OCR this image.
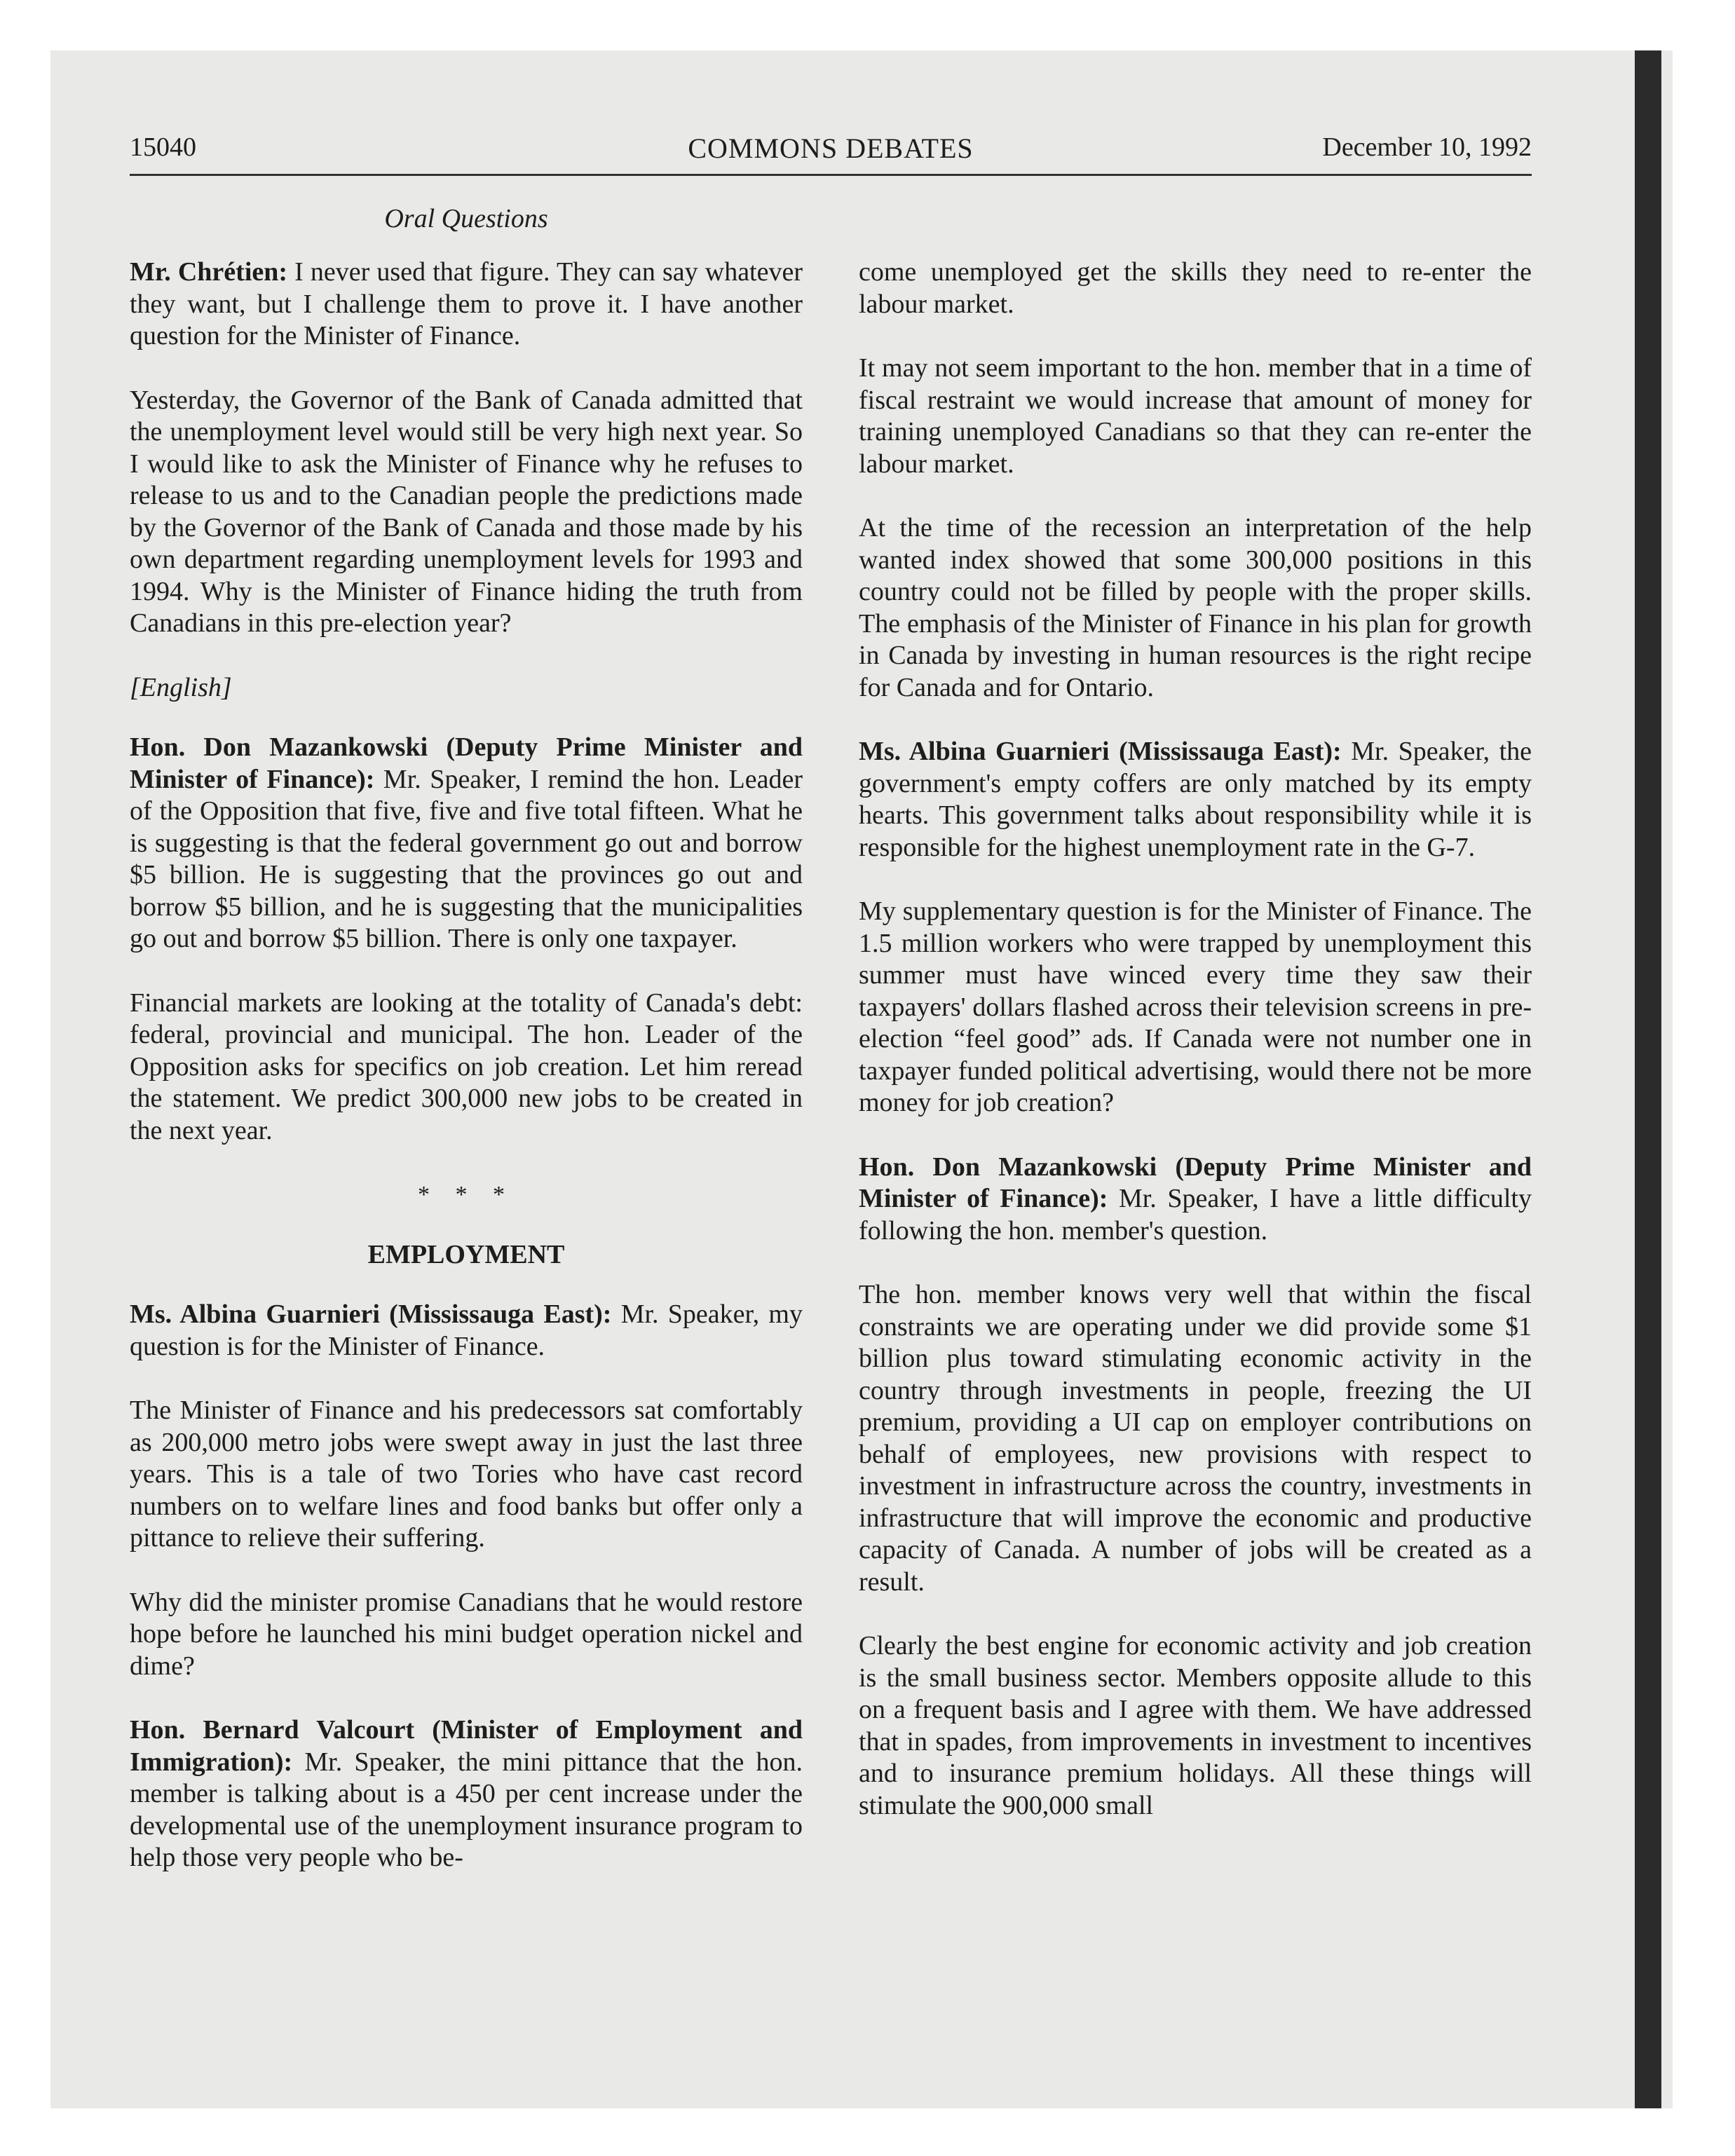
15040	COMMONS DEBATES	December 10, 1992
Oral Questions

Mr. Chrétien: I never used that figure. They can say whatever they want, but I challenge them to prove it. I have another question for the Minister of Finance.

Yesterday, the Governor of the Bank of Canada admitted that the unemployment level would still be very high next year. So I would like to ask the Minister of Finance why he refuses to release to us and to the Canadian people the predictions made by the Governor of the Bank of Canada and those made by his own department regarding unemployment levels for 1993 and 1994. Why is the Minister of Finance hiding the truth from Canadians in this pre-election year?

[English]

Hon. Don Mazankowski (Deputy Prime Minister and Minister of Finance): Mr. Speaker, I remind the hon. Leader of the Opposition that five, five and five total fifteen. What he is suggesting is that the federal government go out and borrow $5 billion. He is suggesting that the provinces go out and borrow $5 billion, and he is suggesting that the municipalities go out and borrow $5 billion. There is only one taxpayer.

Financial markets are looking at the totality of Canada's debt: federal, provincial and municipal. The hon. Leader of the Opposition asks for specifics on job creation. Let him reread the statement. We predict 300,000 new jobs to be created in the next year.

* * *
EMPLOYMENT

Ms. Albina Guarnieri (Mississauga East): Mr. Speaker, my question is for the Minister of Finance.

The Minister of Finance and his predecessors sat comfortably as 200,000 metro jobs were swept away in just the last three years. This is a tale of two Tories who have cast record numbers on to welfare lines and food banks but offer only a pittance to relieve their suffering.

Why did the minister promise Canadians that he would restore hope before he launched his mini budget operation nickel and dime?

Hon. Bernard Valcourt (Minister of Employment and Immigration): Mr. Speaker, the mini pittance that the hon. member is talking about is a 450 per cent increase under the developmental use of the unemployment insurance program to help those very people who be-

come unemployed get the skills they need to re-enter the labour market.

It may not seem important to the hon. member that in a time of fiscal restraint we would increase that amount of money for training unemployed Canadians so that they can re-enter the labour market.

At the time of the recession an interpretation of the help wanted index showed that some 300,000 positions in this country could not be filled by people with the proper skills. The emphasis of the Minister of Finance in his plan for growth in Canada by investing in human resources is the right recipe for Canada and for Ontario.

Ms. Albina Guarnieri (Mississauga East): Mr. Speaker, the government's empty coffers are only matched by its empty hearts. This government talks about responsibility while it is responsible for the highest unemployment rate in the G-7.

My supplementary question is for the Minister of Finance. The 1.5 million workers who were trapped by unemployment this summer must have winced every time they saw their taxpayers' dollars flashed across their television screens in pre-election “feel good” ads. If Canada were not number one in taxpayer funded political advertising, would there not be more money for job creation?

Hon. Don Mazankowski (Deputy Prime Minister and Minister of Finance): Mr. Speaker, I have a little difficulty following the hon. member's question.

The hon. member knows very well that within the fiscal constraints we are operating under we did provide some $1 billion plus toward stimulating economic activity in the country through investments in people, freezing the UI premium, providing a UI cap on employer contributions on behalf of employees, new provisions with respect to investment in infrastructure across the country, investments in infrastructure that will improve the economic and productive capacity of Canada. A number of jobs will be created as a result.

Clearly the best engine for economic activity and job creation is the small business sector. Members opposite allude to this on a frequent basis and I agree with them. We have addressed that in spades, from improvements in investment to incentives and to insurance premium holidays. All these things will stimulate the 900,000 small
